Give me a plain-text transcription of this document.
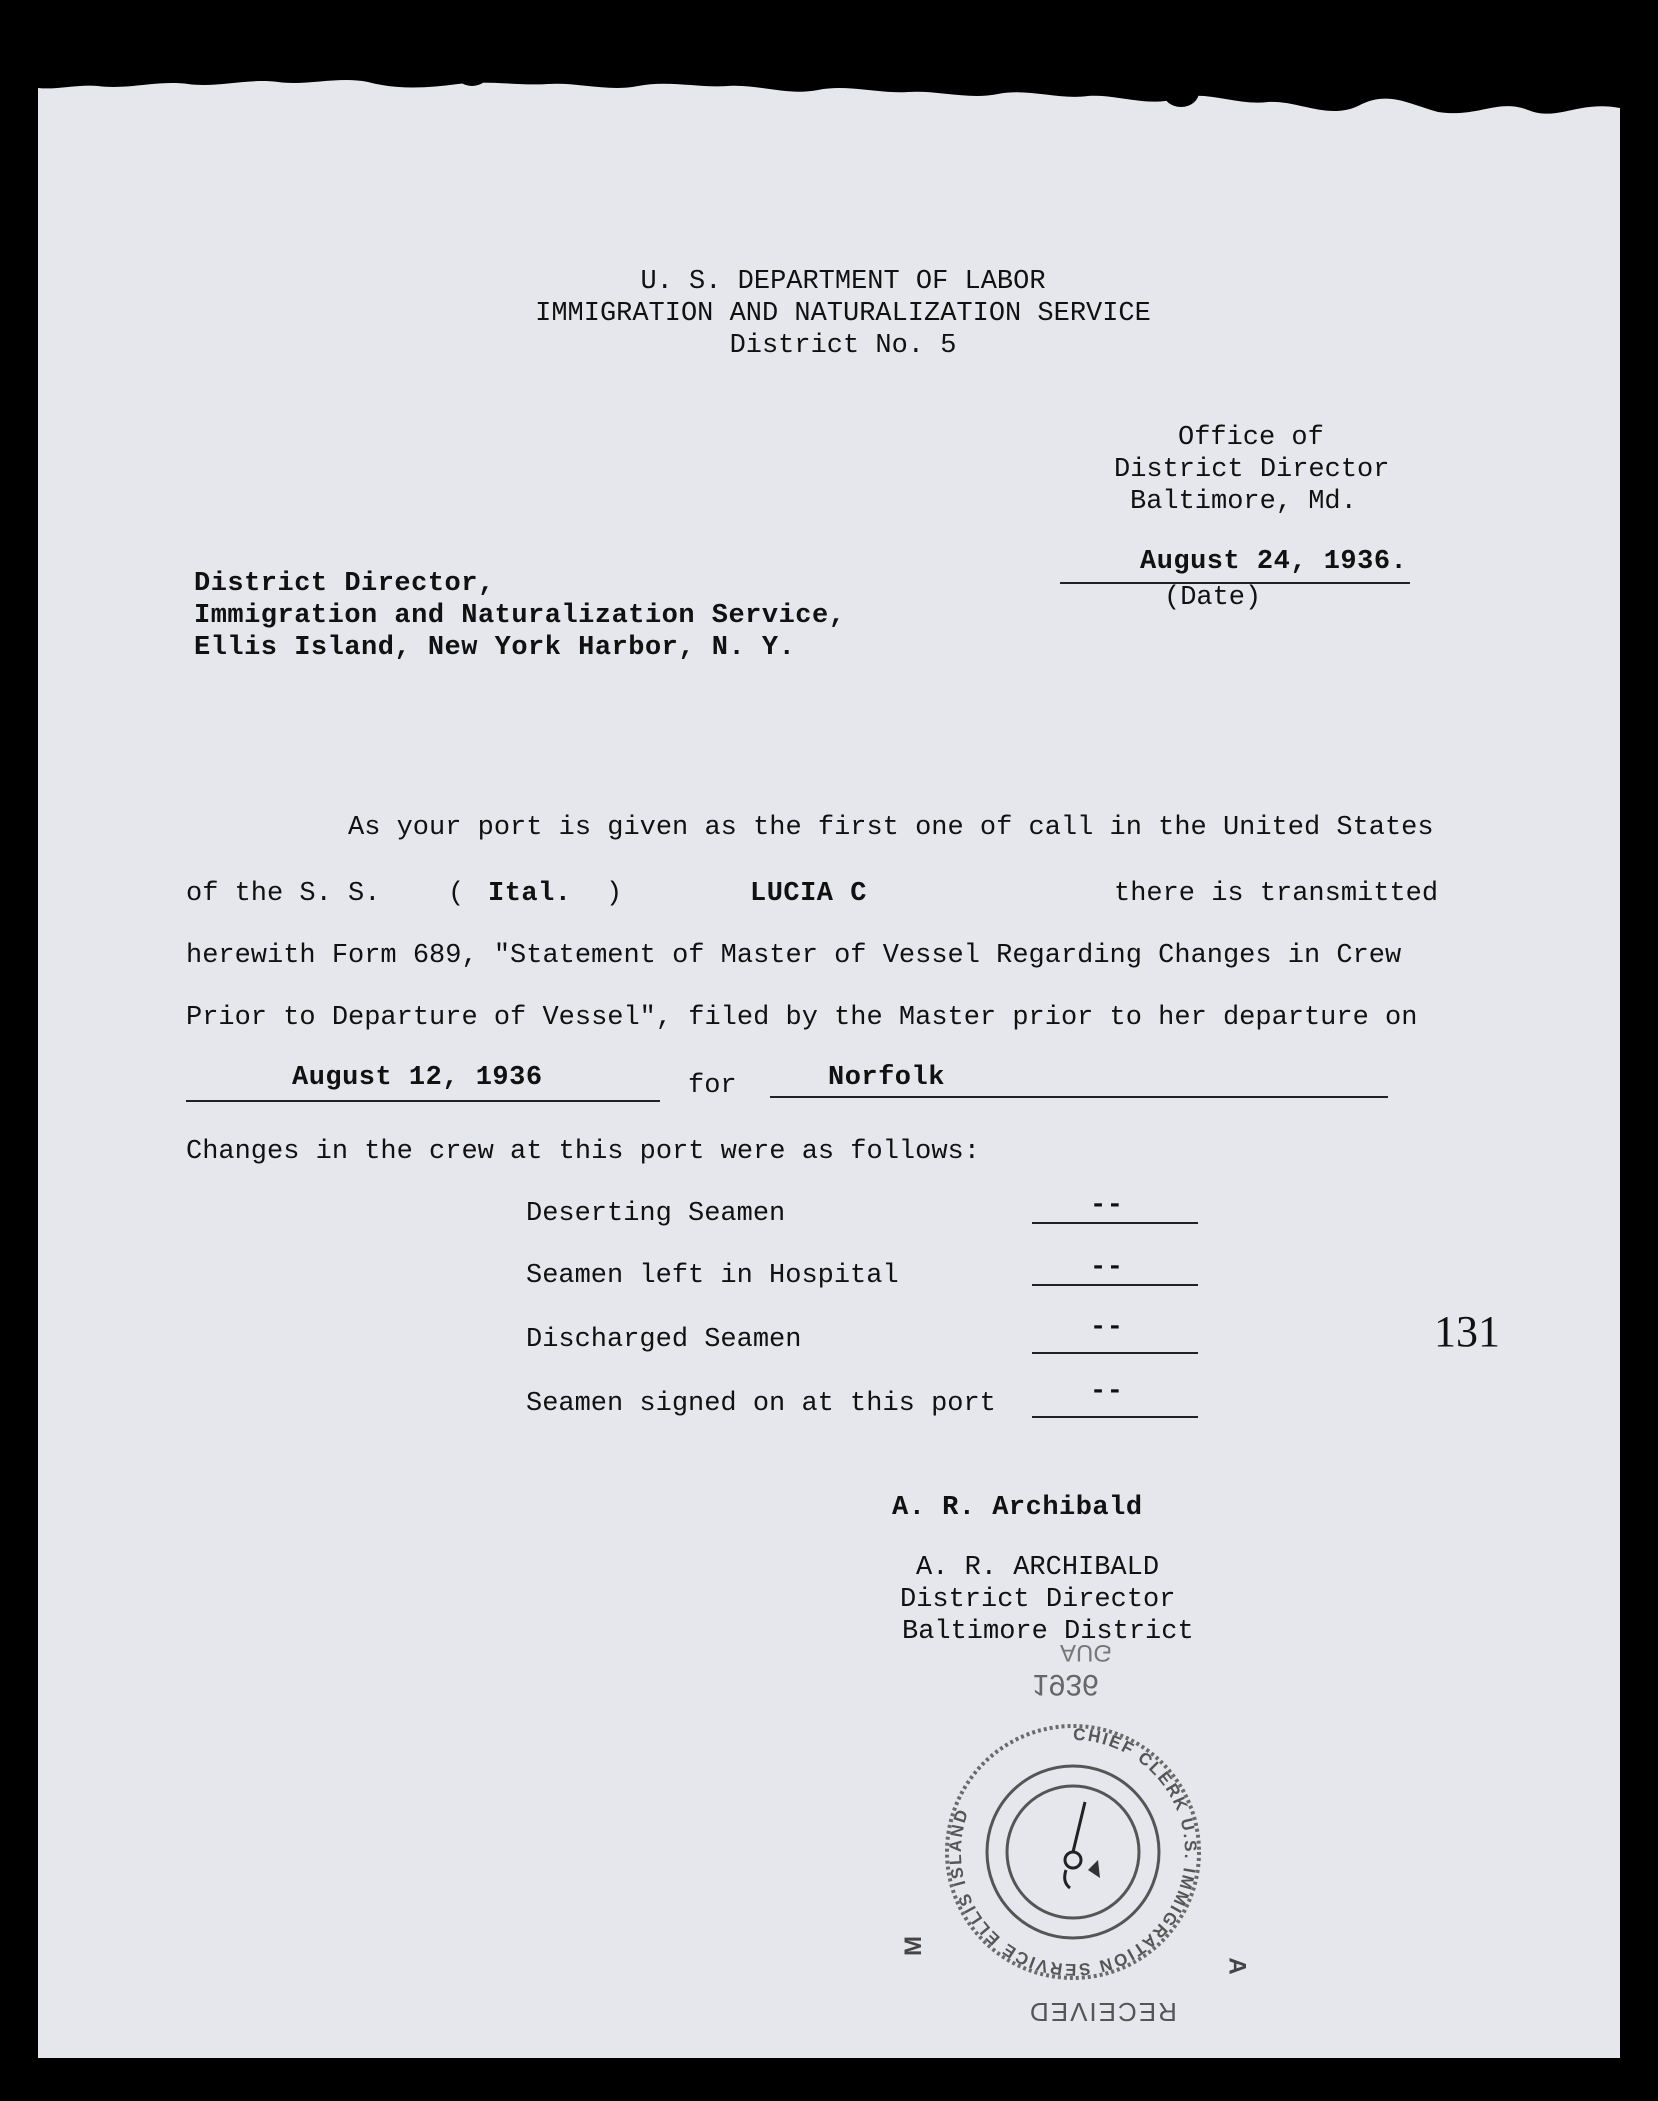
U. S. DEPARTMENT OF LABOR
IMMIGRATION AND NATURALIZATION SERVICE
District No. 5
Office of
District Director
Baltimore, Md.
August 24, 1936.
(Date)
District Director,
Immigration and Naturalization Service,
Ellis Island, New York Harbor, N. Y.
As your port is given as the first one of call in the United States
of the S. S.	( Ital. )	LUCIA C	there is transmitted
herewith Form 689, "Statement of Master of Vessel Regarding Changes in Crew
Prior to Departure of Vessel", filed by the Master prior to her departure on
August 12, 1936	for	Norfolk
Changes in the crew at this port were as follows:
Deserting Seamen	--
Seamen left in Hospital	--
Discharged Seamen	--
Seamen signed on at this port	--
131
A. R. Archibald
A. R. ARCHIBALD
District Director
Baltimore District
1936
AUG
CHIEF CLERK U.S. IMMIGRATION SERVICE ELLIS ISLAND
M
A
RECEIVED
